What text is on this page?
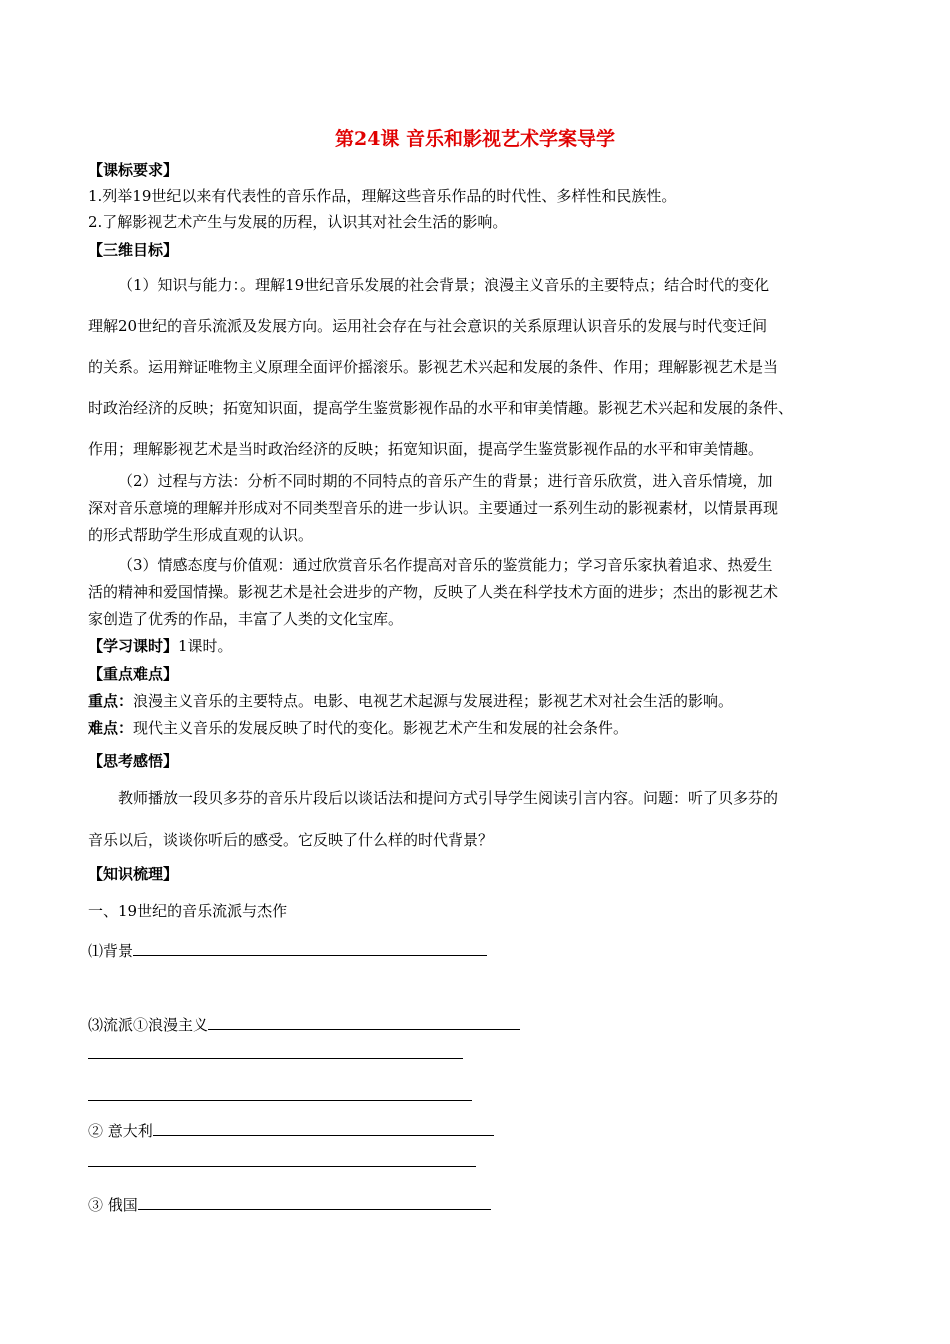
第24课 音乐和影视艺术学案导学
【课标要求】
1.列举19世纪以来有代表性的音乐作品，理解这些音乐作品的时代性、多样性和民族性。
2.了解影视艺术产生与发展的历程，认识其对社会生活的影响。
【三维目标】
（1）知识与能力：。理解19世纪音乐发展的社会背景；浪漫主义音乐的主要特点；结合时代的变化
理解20世纪的音乐流派及发展方向。运用社会存在与社会意识的关系原理认识音乐的发展与时代变迁间
的关系。运用辩证唯物主义原理全面评价摇滚乐。影视艺术兴起和发展的条件、作用；理解影视艺术是当
时政治经济的反映；拓宽知识面，提高学生鉴赏影视作品的水平和审美情趣。影视艺术兴起和发展的条件、
作用；理解影视艺术是当时政治经济的反映；拓宽知识面，提高学生鉴赏影视作品的水平和审美情趣。
（2）过程与方法：分析不同时期的不同特点的音乐产生的背景；进行音乐欣赏，进入音乐情境，加
深对音乐意境的理解并形成对不同类型音乐的进一步认识。主要通过一系列生动的影视素材，以情景再现
的形式帮助学生形成直观的认识。
（3）情感态度与价值观：通过欣赏音乐名作提高对音乐的鉴赏能力；学习音乐家执着追求、热爱生
活的精神和爱国情操。影视艺术是社会进步的产物，反映了人类在科学技术方面的进步；杰出的影视艺术
家创造了优秀的作品，丰富了人类的文化宝库。
【学习课时】1课时。
【重点难点】
重点：浪漫主义音乐的主要特点。电影、电视艺术起源与发展进程；影视艺术对社会生活的影响。
难点：现代主义音乐的发展反映了时代的变化。影视艺术产生和发展的社会条件。
【思考感悟】
教师播放一段贝多芬的音乐片段后以谈话法和提问方式引导学生阅读引言内容。问题：听了贝多芬的
音乐以后，谈谈你听后的感受。它反映了什么样的时代背景？
【知识梳理】
一、19世纪的音乐流派与杰作
⑴背景
⑶流派①浪漫主义
② 意大利
③ 俄国
